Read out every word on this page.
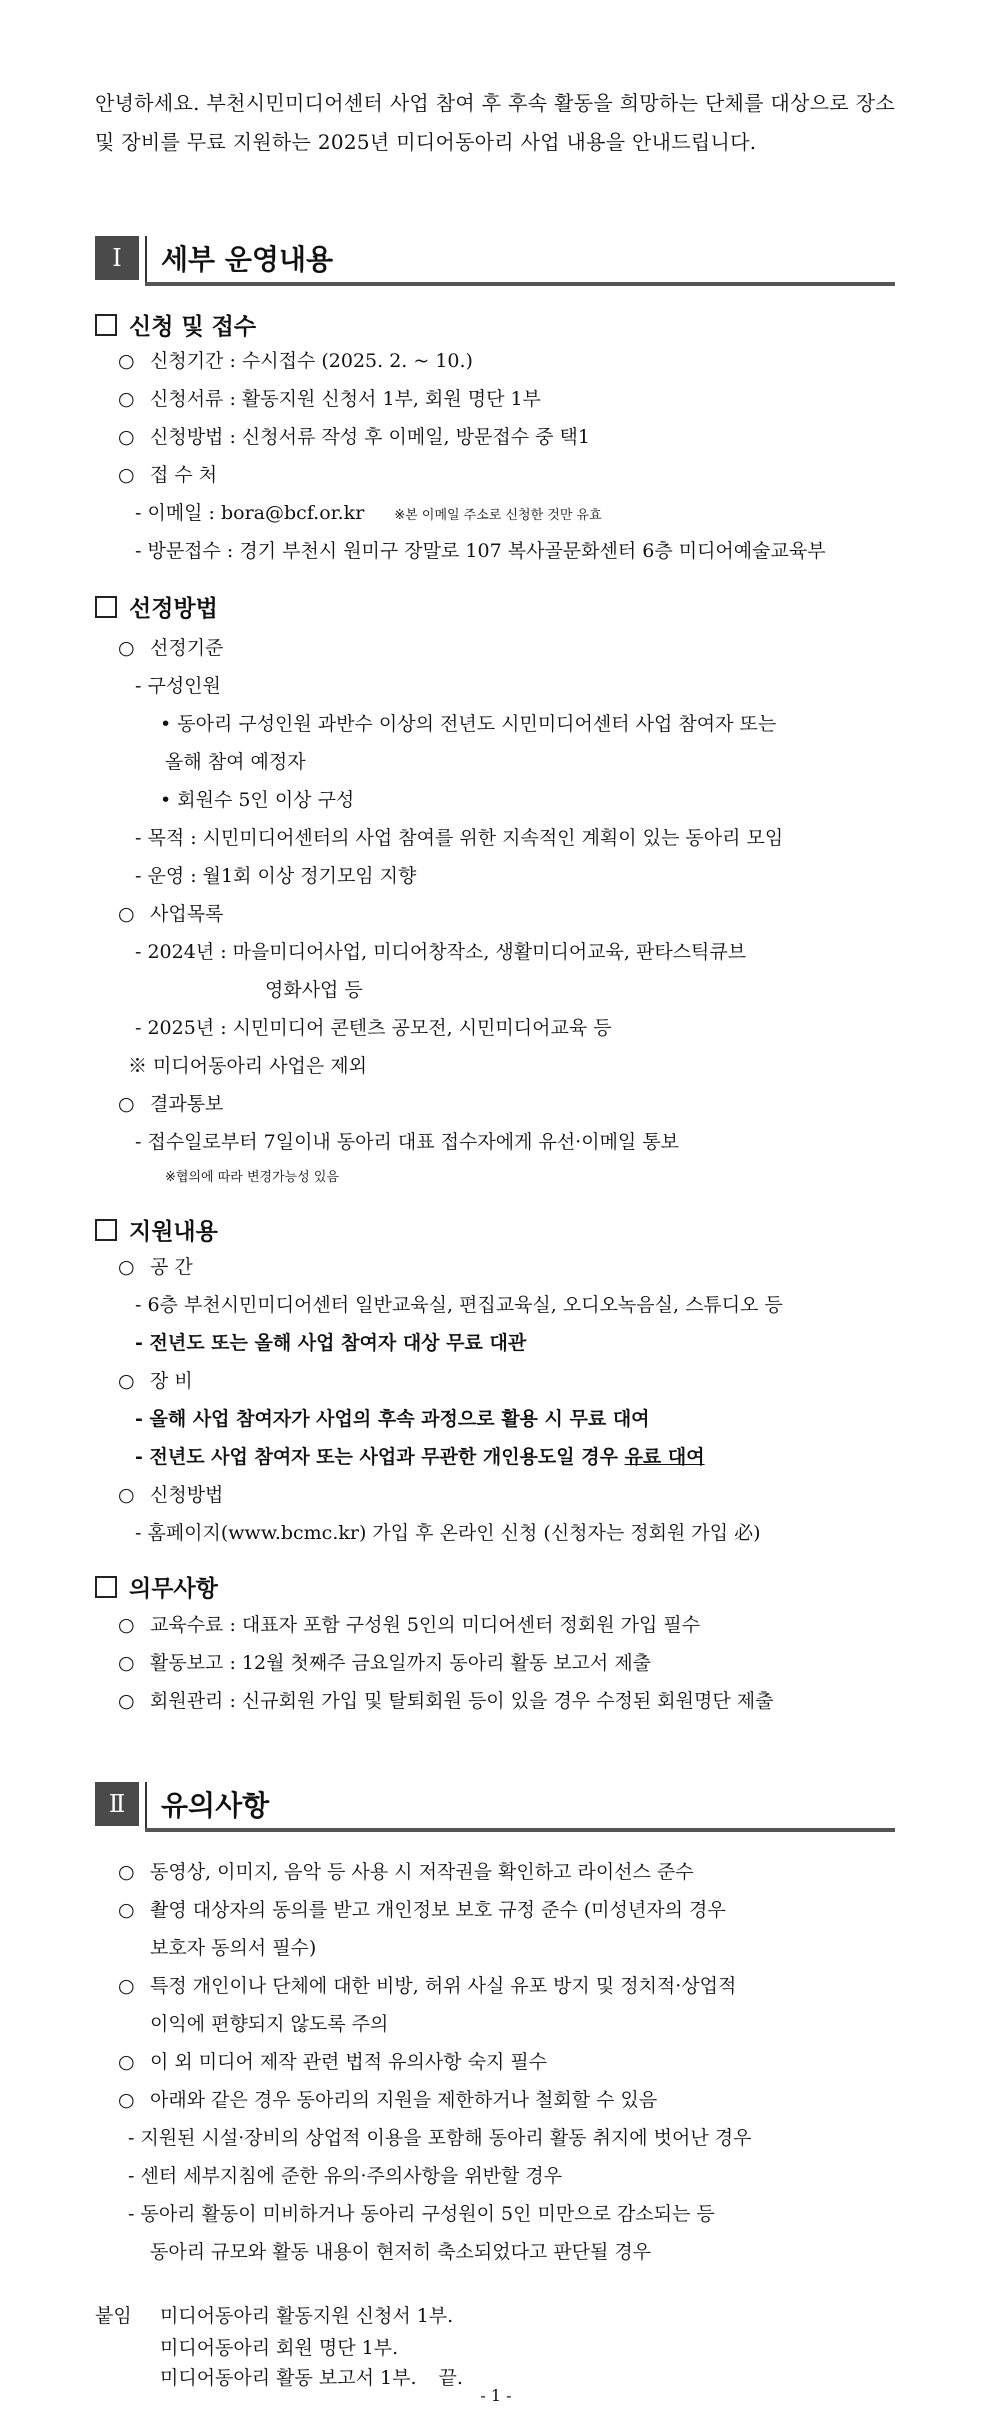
안녕하세요. 부천시민미디어센터 사업 참여 후 후속 활동을 희망하는 단체를 대상으로 장소 및 장비를 무료 지원하는 2025년 미디어동아리 사업 내용을 안내드립니다.
Ⅰ	세부 운영내용
신청 및 접수
○ 신청기간 : 수시접수 (2025. 2. ~ 10.)
○ 신청서류 : 활동지원 신청서 1부, 회원 명단 1부
○ 신청방법 : 신청서류 작성 후 이메일, 방문접수 중 택1
○ 접 수 처
- 이메일 : bora@bcf.or.kr ※본 이메일 주소로 신청한 것만 유효
- 방문접수 : 경기 부천시 원미구 장말로 107 복사골문화센터 6층 미디어예술교육부
선정방법
○ 선정기준
- 구성인원
• 동아리 구성인원 과반수 이상의 전년도 시민미디어센터 사업 참여자 또는
올해 참여 예정자
• 회원수 5인 이상 구성
- 목적 : 시민미디어센터의 사업 참여를 위한 지속적인 계획이 있는 동아리 모임
- 운영 : 월1회 이상 정기모임 지향
○ 사업목록
- 2024년 : 마을미디어사업, 미디어창작소, 생활미디어교육, 판타스틱큐브
영화사업 등
- 2025년 : 시민미디어 콘텐츠 공모전, 시민미디어교육 등
※ 미디어동아리 사업은 제외
○ 결과통보
- 접수일로부터 7일이내 동아리 대표 접수자에게 유선·이메일 통보
※협의에 따라 변경가능성 있음
지원내용
○ 공 간
- 6층 부천시민미디어센터 일반교육실, 편집교육실, 오디오녹음실, 스튜디오 등
- 전년도 또는 올해 사업 참여자 대상 무료 대관
○ 장 비
- 올해 사업 참여자가 사업의 후속 과정으로 활용 시 무료 대여
- 전년도 사업 참여자 또는 사업과 무관한 개인용도일 경우 유료 대여
○ 신청방법
- 홈페이지(www.bcmc.kr) 가입 후 온라인 신청 (신청자는 정회원 가입 必)
의무사항
○ 교육수료 : 대표자 포함 구성원 5인의 미디어센터 정회원 가입 필수
○ 활동보고 : 12월 첫째주 금요일까지 동아리 활동 보고서 제출
○ 회원관리 : 신규회원 가입 및 탈퇴회원 등이 있을 경우 수정된 회원명단 제출
Ⅱ	유의사항
○ 동영상, 이미지, 음악 등 사용 시 저작권을 확인하고 라이선스 준수
○ 촬영 대상자의 동의를 받고 개인정보 보호 규정 준수 (미성년자의 경우
보호자 동의서 필수)
○ 특정 개인이나 단체에 대한 비방, 허위 사실 유포 방지 및 정치적·상업적
이익에 편향되지 않도록 주의
○ 이 외 미디어 제작 관련 법적 유의사항 숙지 필수
○ 아래와 같은 경우 동아리의 지원을 제한하거나 철회할 수 있음
- 지원된 시설·장비의 상업적 이용을 포함해 동아리 활동 취지에 벗어난 경우
- 센터 세부지침에 준한 유의·주의사항을 위반할 경우
- 동아리 활동이 미비하거나 동아리 구성원이 5인 미만으로 감소되는 등
동아리 규모와 활동 내용이 현저히 축소되었다고 판단될 경우
붙임 미디어동아리 활동지원 신청서 1부.
미디어동아리 회원 명단 1부.
미디어동아리 활동 보고서 1부. 끝.
- 1 -
